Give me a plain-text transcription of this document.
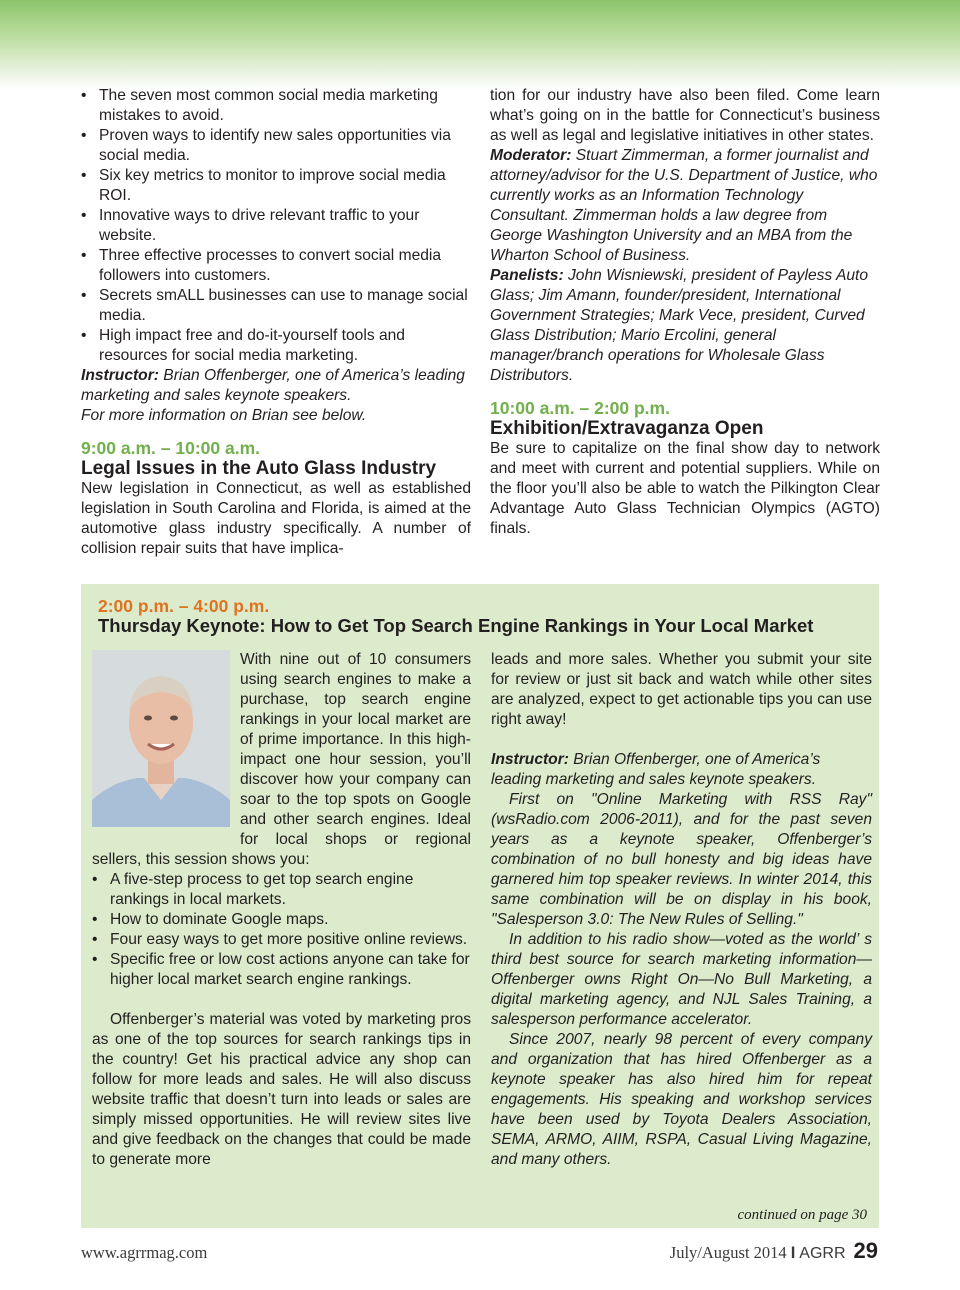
• The seven most common social media marketing mistakes to avoid.
• Proven ways to identify new sales opportunities via social media.
• Six key metrics to monitor to improve social media ROI.
• Innovative ways to drive relevant traffic to your website.
• Three effective processes to convert social media followers into customers.
• Secrets smALL businesses can use to manage social media.
• High impact free and do-it-yourself tools and resources for social media marketing.

Instructor: Brian Offenberger, one of America’s leading marketing and sales keynote speakers.

For more information on Brian see below.

9:00 a.m. – 10:00 a.m.
Legal Issues in the Auto Glass Industry

New legislation in Connecticut, as well as established legislation in South Carolina and Florida, is aimed at the automotive glass industry specifically. A number of collision repair suits that have implica-

tion for our industry have also been filed. Come learn what’s going on in the battle for Connecticut’s business as well as legal and legislative initiatives in other states.

Moderator: Stuart Zimmerman, a former journalist and attorney/advisor for the U.S. Department of Justice, who currently works as an Information Technology Consultant. Zimmerman holds a law degree from George Washington University and an MBA from the Wharton School of Business.

Panelists: John Wisniewski, president of Payless Auto Glass; Jim Amann, founder/president, International Government Strategies; Mark Vece, president, Curved Glass Distribution; Mario Ercolini, general manager/branch operations for Wholesale Glass Distributors.

10:00 a.m. – 2:00 p.m.
Exhibition/Extravaganza Open

Be sure to capitalize on the final show day to network and meet with current and potential suppliers. While on the floor you’ll also be able to watch the Pilkington Clear Advantage Auto Glass Technician Olympics (AGTO) finals.

2:00 p.m. – 4:00 p.m.
Thursday Keynote: How to Get Top Search Engine Rankings in Your Local Market

With nine out of 10 consumers using search engines to make a purchase, top search engine rankings in your local market are of prime importance. In this high-impact one hour session, you’ll discover how your company can soar to the top spots on Google and other search engines. Ideal for local shops or regional sellers, this session shows you:

• A five-step process to get top search engine rankings in local markets.
• How to dominate Google maps.
• Four easy ways to get more positive online reviews.
• Specific free or low cost actions anyone can take for higher local market search engine rankings.

Offenberger’s material was voted by marketing pros as one of the top sources for search rankings tips in the country! Get his practical advice any shop can follow for more leads and sales. He will also discuss website traffic that doesn’t turn into leads or sales are simply missed opportunities. He will review sites live and give feedback on the changes that could be made to generate more

leads and more sales. Whether you submit your site for review or just sit back and watch while other sites are analyzed, expect to get actionable tips you can use right away!

Instructor: Brian Offenberger, one of America’s leading marketing and sales keynote speakers.

First on "Online Marketing with RSS Ray" (wsRadio.com 2006-2011), and for the past seven years as a keynote speaker, Offenberger’s combination of no bull honesty and big ideas have garnered him top speaker reviews. In winter 2014, this same combination will be on display in his book, "Salesperson 3.0: The New Rules of Selling."

In addition to his radio show—voted as the world’ s third best source for search marketing information—Offenberger owns Right On—No Bull Marketing, a digital marketing agency, and NJL Sales Training, a salesperson performance accelerator.

Since 2007, nearly 98 percent of every company and organization that has hired Offenberger as a keynote speaker has also hired him for repeat engagements. His speaking and workshop services have been used by Toyota Dealers Association, SEMA, ARMO, AIIM, RSPA, Casual Living Magazine, and many others.

continued on page 30
www.agrrmag.com	July/August 2014 I AGRR 29
